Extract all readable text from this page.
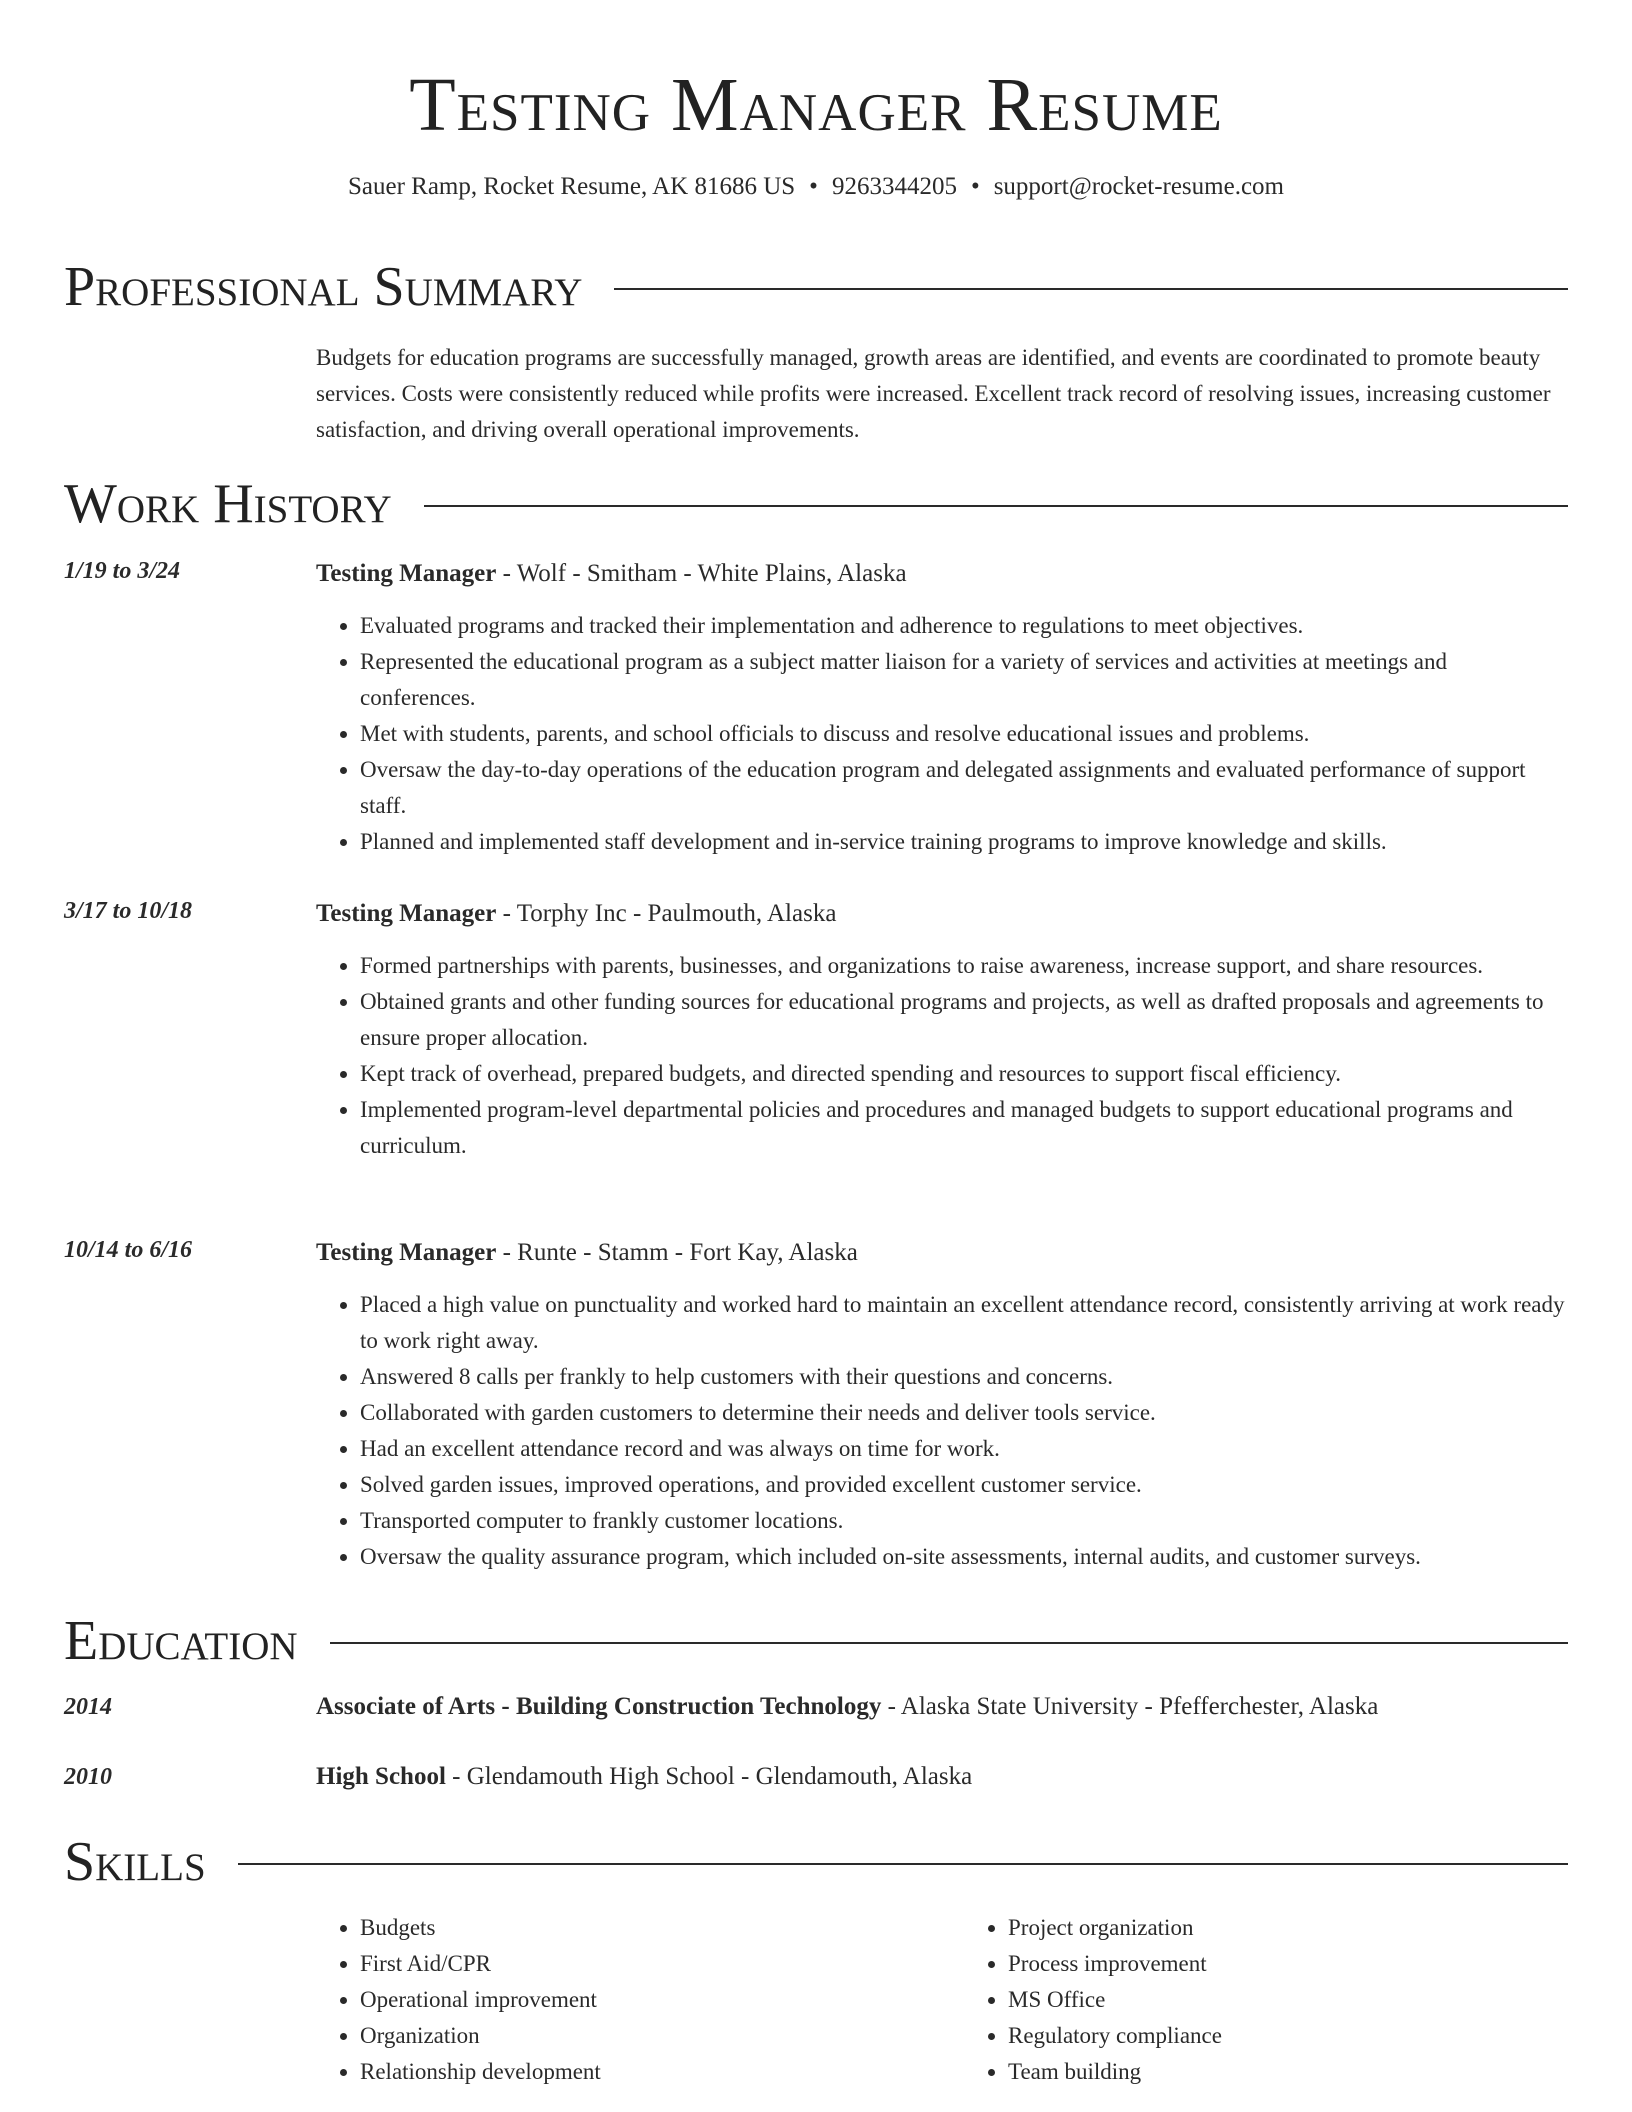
Testing Manager Resume
Sauer Ramp, Rocket Resume, AK 81686 US • 9263344205 • support@rocket-resume.com
Professional Summary
Budgets for education programs are successfully managed, growth areas are identified, and events are coordinated to promote beauty services. Costs were consistently reduced while profits were increased. Excellent track record of resolving issues, increasing customer satisfaction, and driving overall operational improvements.
Work History
1/19 to 3/24	Testing Manager - Wolf - Smitham - White Plains, Alaska
• Evaluated programs and tracked their implementation and adherence to regulations to meet objectives.
• Represented the educational program as a subject matter liaison for a variety of services and activities at meetings and conferences.
• Met with students, parents, and school officials to discuss and resolve educational issues and problems.
• Oversaw the day-to-day operations of the education program and delegated assignments and evaluated performance of support staff.
• Planned and implemented staff development and in-service training programs to improve knowledge and skills.
3/17 to 10/18	Testing Manager - Torphy Inc - Paulmouth, Alaska
• Formed partnerships with parents, businesses, and organizations to raise awareness, increase support, and share resources.
• Obtained grants and other funding sources for educational programs and projects, as well as drafted proposals and agreements to ensure proper allocation.
• Kept track of overhead, prepared budgets, and directed spending and resources to support fiscal efficiency.
• Implemented program-level departmental policies and procedures and managed budgets to support educational programs and curriculum.
10/14 to 6/16	Testing Manager - Runte - Stamm - Fort Kay, Alaska
• Placed a high value on punctuality and worked hard to maintain an excellent attendance record, consistently arriving at work ready to work right away.
• Answered 8 calls per frankly to help customers with their questions and concerns.
• Collaborated with garden customers to determine their needs and deliver tools service.
• Had an excellent attendance record and was always on time for work.
• Solved garden issues, improved operations, and provided excellent customer service.
• Transported computer to frankly customer locations.
• Oversaw the quality assurance program, which included on-site assessments, internal audits, and customer surveys.
Education
2014	Associate of Arts - Building Construction Technology - Alaska State University - Pfefferchester, Alaska
2010	High School - Glendamouth High School - Glendamouth, Alaska
Skills
• Budgets
• First Aid/CPR
• Operational improvement
• Organization
• Relationship development
• Project organization
• Process improvement
• MS Office
• Regulatory compliance
• Team building
